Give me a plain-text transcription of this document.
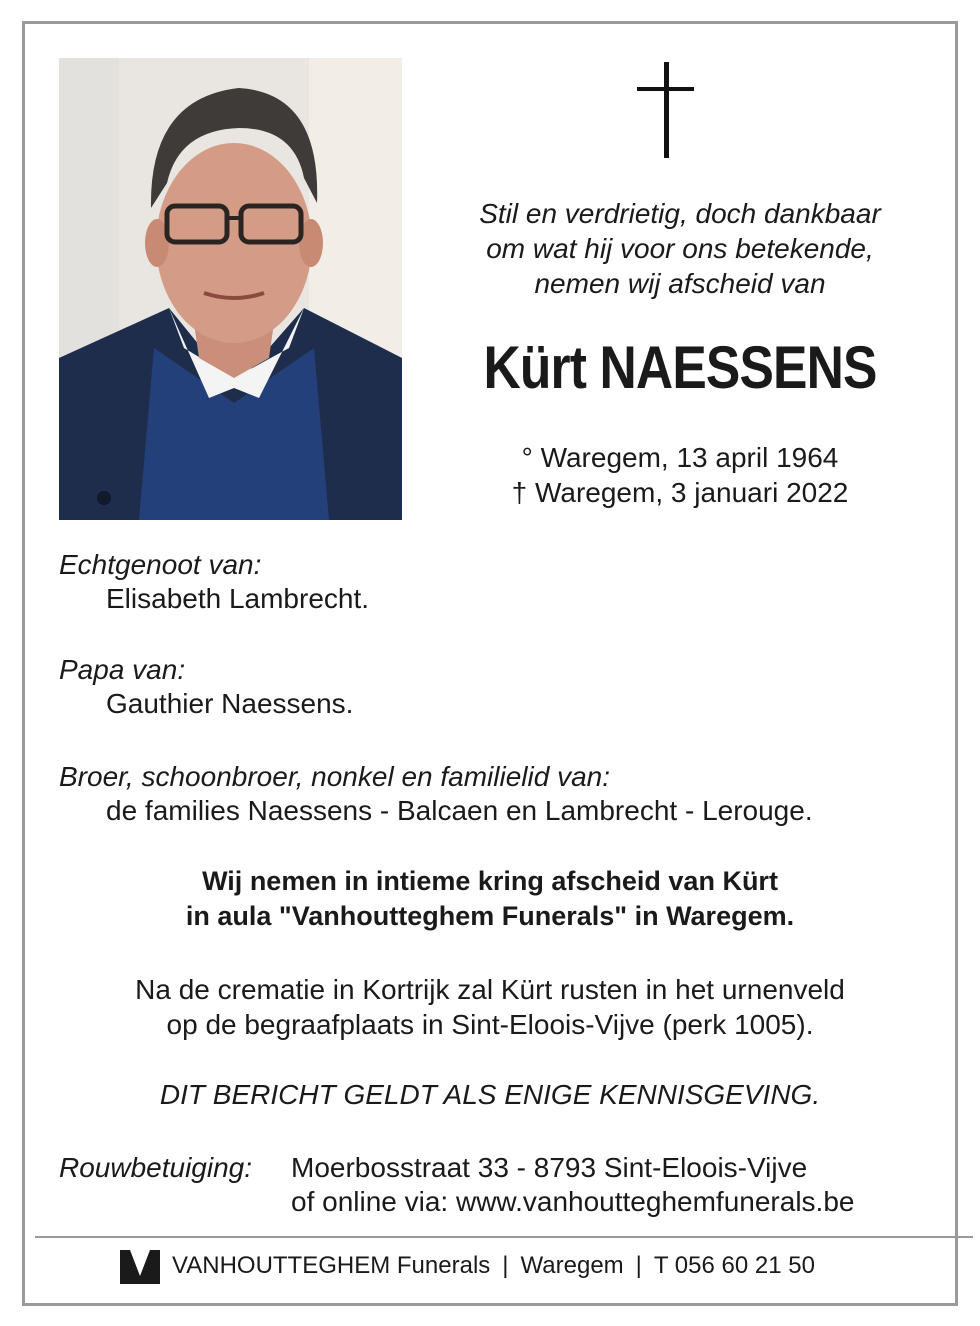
Stil en verdrietig, doch dankbaar
om wat hij voor ons betekende,
nemen wij afscheid van
Kürt NAESSENS
° Waregem, 13 april 1964
† Waregem, 3 januari 2022
Echtgenoot van:
Elisabeth Lambrecht.
Papa van:
Gauthier Naessens.
Broer, schoonbroer, nonkel en familielid van:
de families Naessens - Balcaen en Lambrecht - Lerouge.
Wij nemen in intieme kring afscheid van Kürt
in aula "Vanhoutteghem Funerals" in Waregem.
Na de crematie in Kortrijk zal Kürt rusten in het urnenveld
op de begraafplaats in Sint-Eloois-Vijve (perk 1005).
DIT BERICHT GELDT ALS ENIGE KENNISGEVING.
Rouwbetuiging: Moerbosstraat 33 - 8793 Sint-Eloois-Vijve
of online via: www.vanhoutteghemfunerals.be
VANHOUTTEGHEM Funerals | Waregem | T 056 60 21 50
